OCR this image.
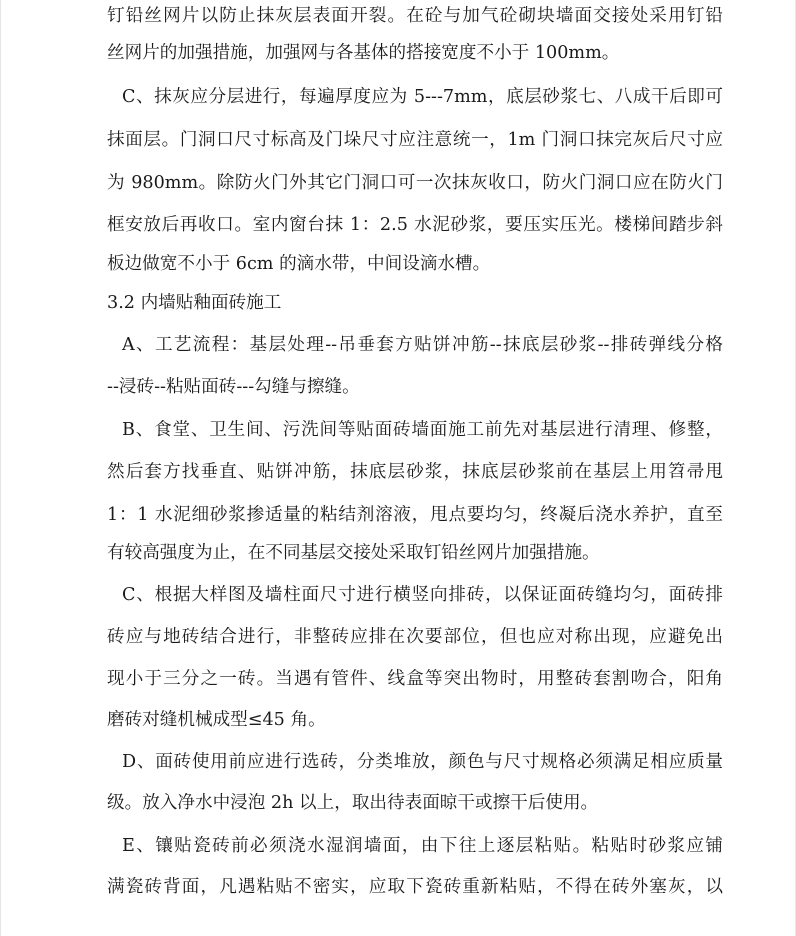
钉铅丝网片以防止抹灰层表面开裂。在砼与加气砼砌块墙面交接处采用钉铅
丝网片的加强措施，加强网与各基体的搭接宽度不小于 100mm。
C、抹灰应分层进行，每遍厚度应为 5---7mm，底层砂浆七、八成干后即可
抹面层。门洞口尺寸标高及门垛尺寸应注意统一，1m 门洞口抹完灰后尺寸应
为 980mm。除防火门外其它门洞口可一次抹灰收口，防火门洞口应在防火门
框安放后再收口。室内窗台抹 1：2.5 水泥砂浆，要压实压光。楼梯间踏步斜
板边做宽不小于 6cm 的滴水带，中间设滴水槽。
3.2 内墙贴釉面砖施工
A、工艺流程：基层处理--吊垂套方贴饼冲筋--抹底层砂浆--排砖弹线分格
--浸砖--粘贴面砖---勾缝与擦缝。
B、食堂、卫生间、污洗间等贴面砖墙面施工前先对基层进行清理、修整，
然后套方找垂直、贴饼冲筋，抹底层砂浆，抹底层砂浆前在基层上用笤帚甩
1：1 水泥细砂浆掺适量的粘结剂溶液，甩点要均匀，终凝后浇水养护，直至
有较高强度为止，在不同基层交接处采取钉铅丝网片加强措施。
C、根据大样图及墙柱面尺寸进行横竖向排砖，以保证面砖缝均匀，面砖排
砖应与地砖结合进行，非整砖应排在次要部位，但也应对称出现，应避免出
现小于三分之一砖。当遇有管件、线盒等突出物时，用整砖套割吻合，阳角
磨砖对缝机械成型≤45 角。
D、面砖使用前应进行选砖，分类堆放，颜色与尺寸规格必须满足相应质量
级。放入净水中浸泡 2h 以上，取出待表面晾干或擦干后使用。
E、镶贴瓷砖前必须浇水湿润墙面，由下往上逐层粘贴。粘贴时砂浆应铺
满瓷砖背面，凡遇粘贴不密实，应取下瓷砖重新粘贴，不得在砖外塞灰，以
